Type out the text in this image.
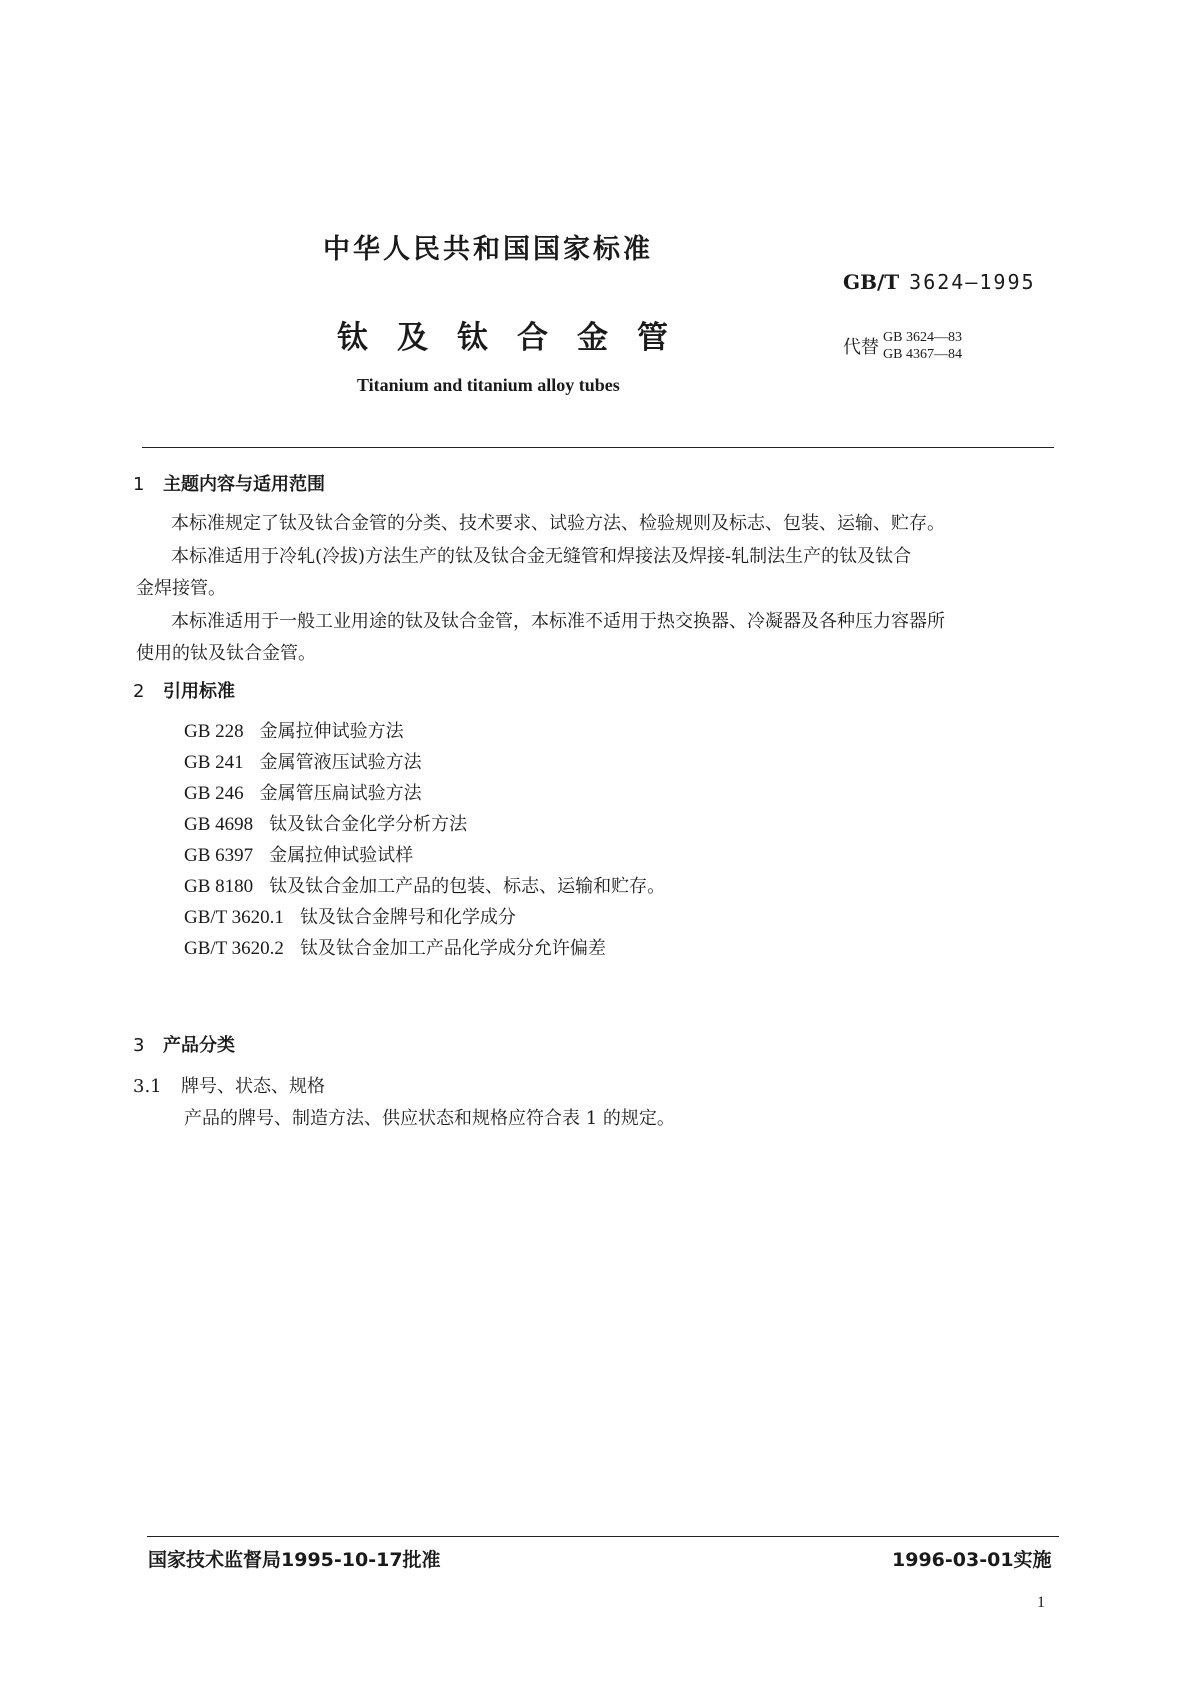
中华人民共和国国家标准
GB/T 3624—1995
钛及钛合金管	代替 GB 3624—83
GB 4367—84
Titanium and titanium alloy tubes
1 主题内容与适用范围
本标准规定了钛及钛合金管的分类、技术要求、试验方法、检验规则及标志、包装、运输、贮存。
本标准适用于冷轧(冷拔)方法生产的钛及钛合金无缝管和焊接法及焊接-轧制法生产的钛及钛合
金焊接管。
本标准适用于一般工业用途的钛及钛合金管，本标准不适用于热交换器、冷凝器及各种压力容器所
使用的钛及钛合金管。
2 引用标准
GB 228 金属拉伸试验方法
GB 241 金属管液压试验方法
GB 246 金属管压扁试验方法
GB 4698 钛及钛合金化学分析方法
GB 6397 金属拉伸试验试样
GB 8180 钛及钛合金加工产品的包装、标志、运输和贮存。
GB/T 3620.1 钛及钛合金牌号和化学成分
GB/T 3620.2 钛及钛合金加工产品化学成分允许偏差
3 产品分类
3.1 牌号、状态、规格
产品的牌号、制造方法、供应状态和规格应符合表 1 的规定。
国家技术监督局1995-10-17批准	1996-03-01实施
1
